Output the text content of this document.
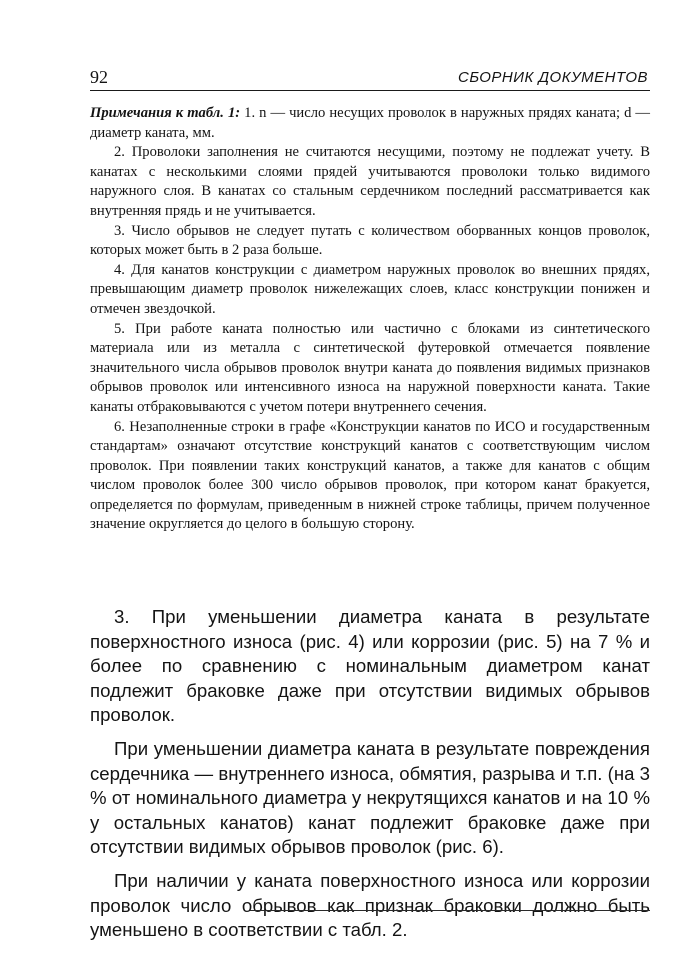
92	СБОРНИК ДОКУМЕНТОВ

Примечания к табл. 1: 1. n — число несущих проволок в наружных прядях каната; d — диаметр каната, мм.

2. Проволоки заполнения не считаются несущими, поэтому не подлежат учету. В канатах с несколькими слоями прядей учитываются проволоки только видимого наружного слоя. В канатах со стальным сердечником последний рассматривается как внутренняя прядь и не учитывается.

3. Число обрывов не следует путать с количеством оборванных концов проволок, которых может быть в 2 раза больше.

4. Для канатов конструкции с диаметром наружных проволок во внешних прядях, превышающим диаметр проволок нижележащих слоев, класс конструкции понижен и отмечен звездочкой.

5. При работе каната полностью или частично с блоками из синтетического материала или из металла с синтетической футеровкой отмечается появление значительного числа обрывов проволок внутри каната до появления видимых признаков обрывов проволок или интенсивного износа на наружной поверхности каната. Такие канаты отбраковываются с учетом потери внутреннего сечения.

6. Незаполненные строки в графе «Конструкции канатов по ИСО и государственным стандартам» означают отсутствие конструкций канатов с соответствующим числом проволок. При появлении таких конструкций канатов, а также для канатов с общим числом проволок более 300 число обрывов проволок, при котором канат бракуется, определяется по формулам, приведенным в нижней строке таблицы, причем полученное значение округляется до целого в большую сторону.

3. При уменьшении диаметра каната в результате поверхностного износа (рис. 4) или коррозии (рис. 5) на 7 % и более по сравнению с номинальным диаметром канат подлежит браковке даже при отсутствии видимых обрывов проволок.

При уменьшении диаметра каната в результате повреждения сердечника — внутреннего износа, обмятия, разрыва и т.п. (на 3 % от номинального диаметра у некрутящихся канатов и на 10 % у остальных канатов) канат подлежит браковке даже при отсутствии видимых обрывов проволок (рис. 6).

При наличии у каната поверхностного износа или коррозии проволок число обрывов как признак браковки должно быть уменьшено в соответствии с табл. 2.
